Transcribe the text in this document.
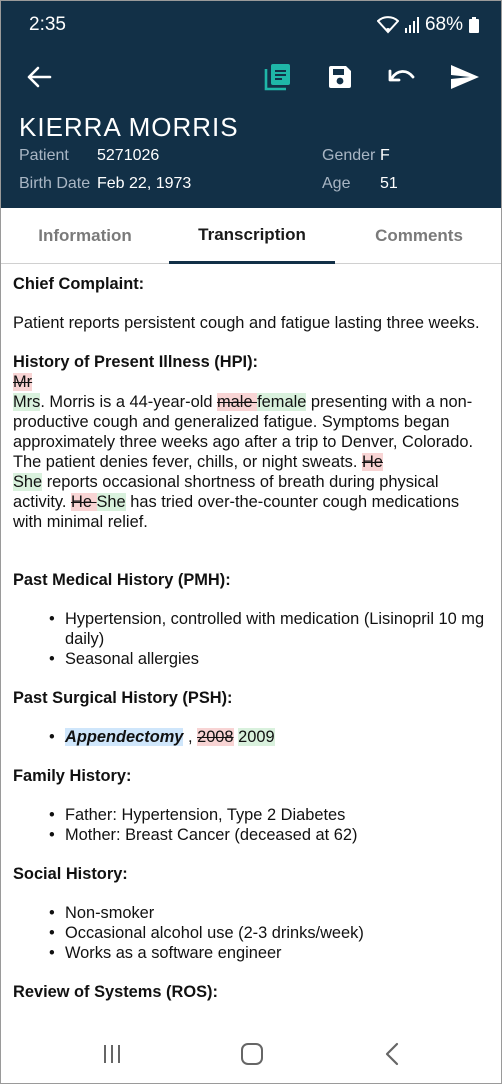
2:35	68%
KIERRA MORRIS
Patient 5271026
Birth Date Feb 22, 1973
Gender F
Age 51
Information	Transcription	Comments
Chief Complaint:
Patient reports persistent cough and fatigue lasting three weeks.
History of Present Illness (HPI):
Mr
Mrs. Morris is a 44-year-old male female presenting with a non-productive cough and generalized fatigue. Symptoms began approximately three weeks ago after a trip to Denver, Colorado. The patient denies fever, chills, or night sweats. He
She reports occasional shortness of breath during physical activity. He She has tried over-the-counter cough medications with minimal relief.
Past Medical History (PMH):
• Hypertension, controlled with medication (Lisinopril 10 mg daily)
• Seasonal allergies
Past Surgical History (PSH):
• Appendectomy , 2008 2009
Family History:
• Father: Hypertension, Type 2 Diabetes
• Mother: Breast Cancer (deceased at 62)
Social History:
• Non-smoker
• Occasional alcohol use (2-3 drinks/week)
• Works as a software engineer
Review of Systems (ROS):
